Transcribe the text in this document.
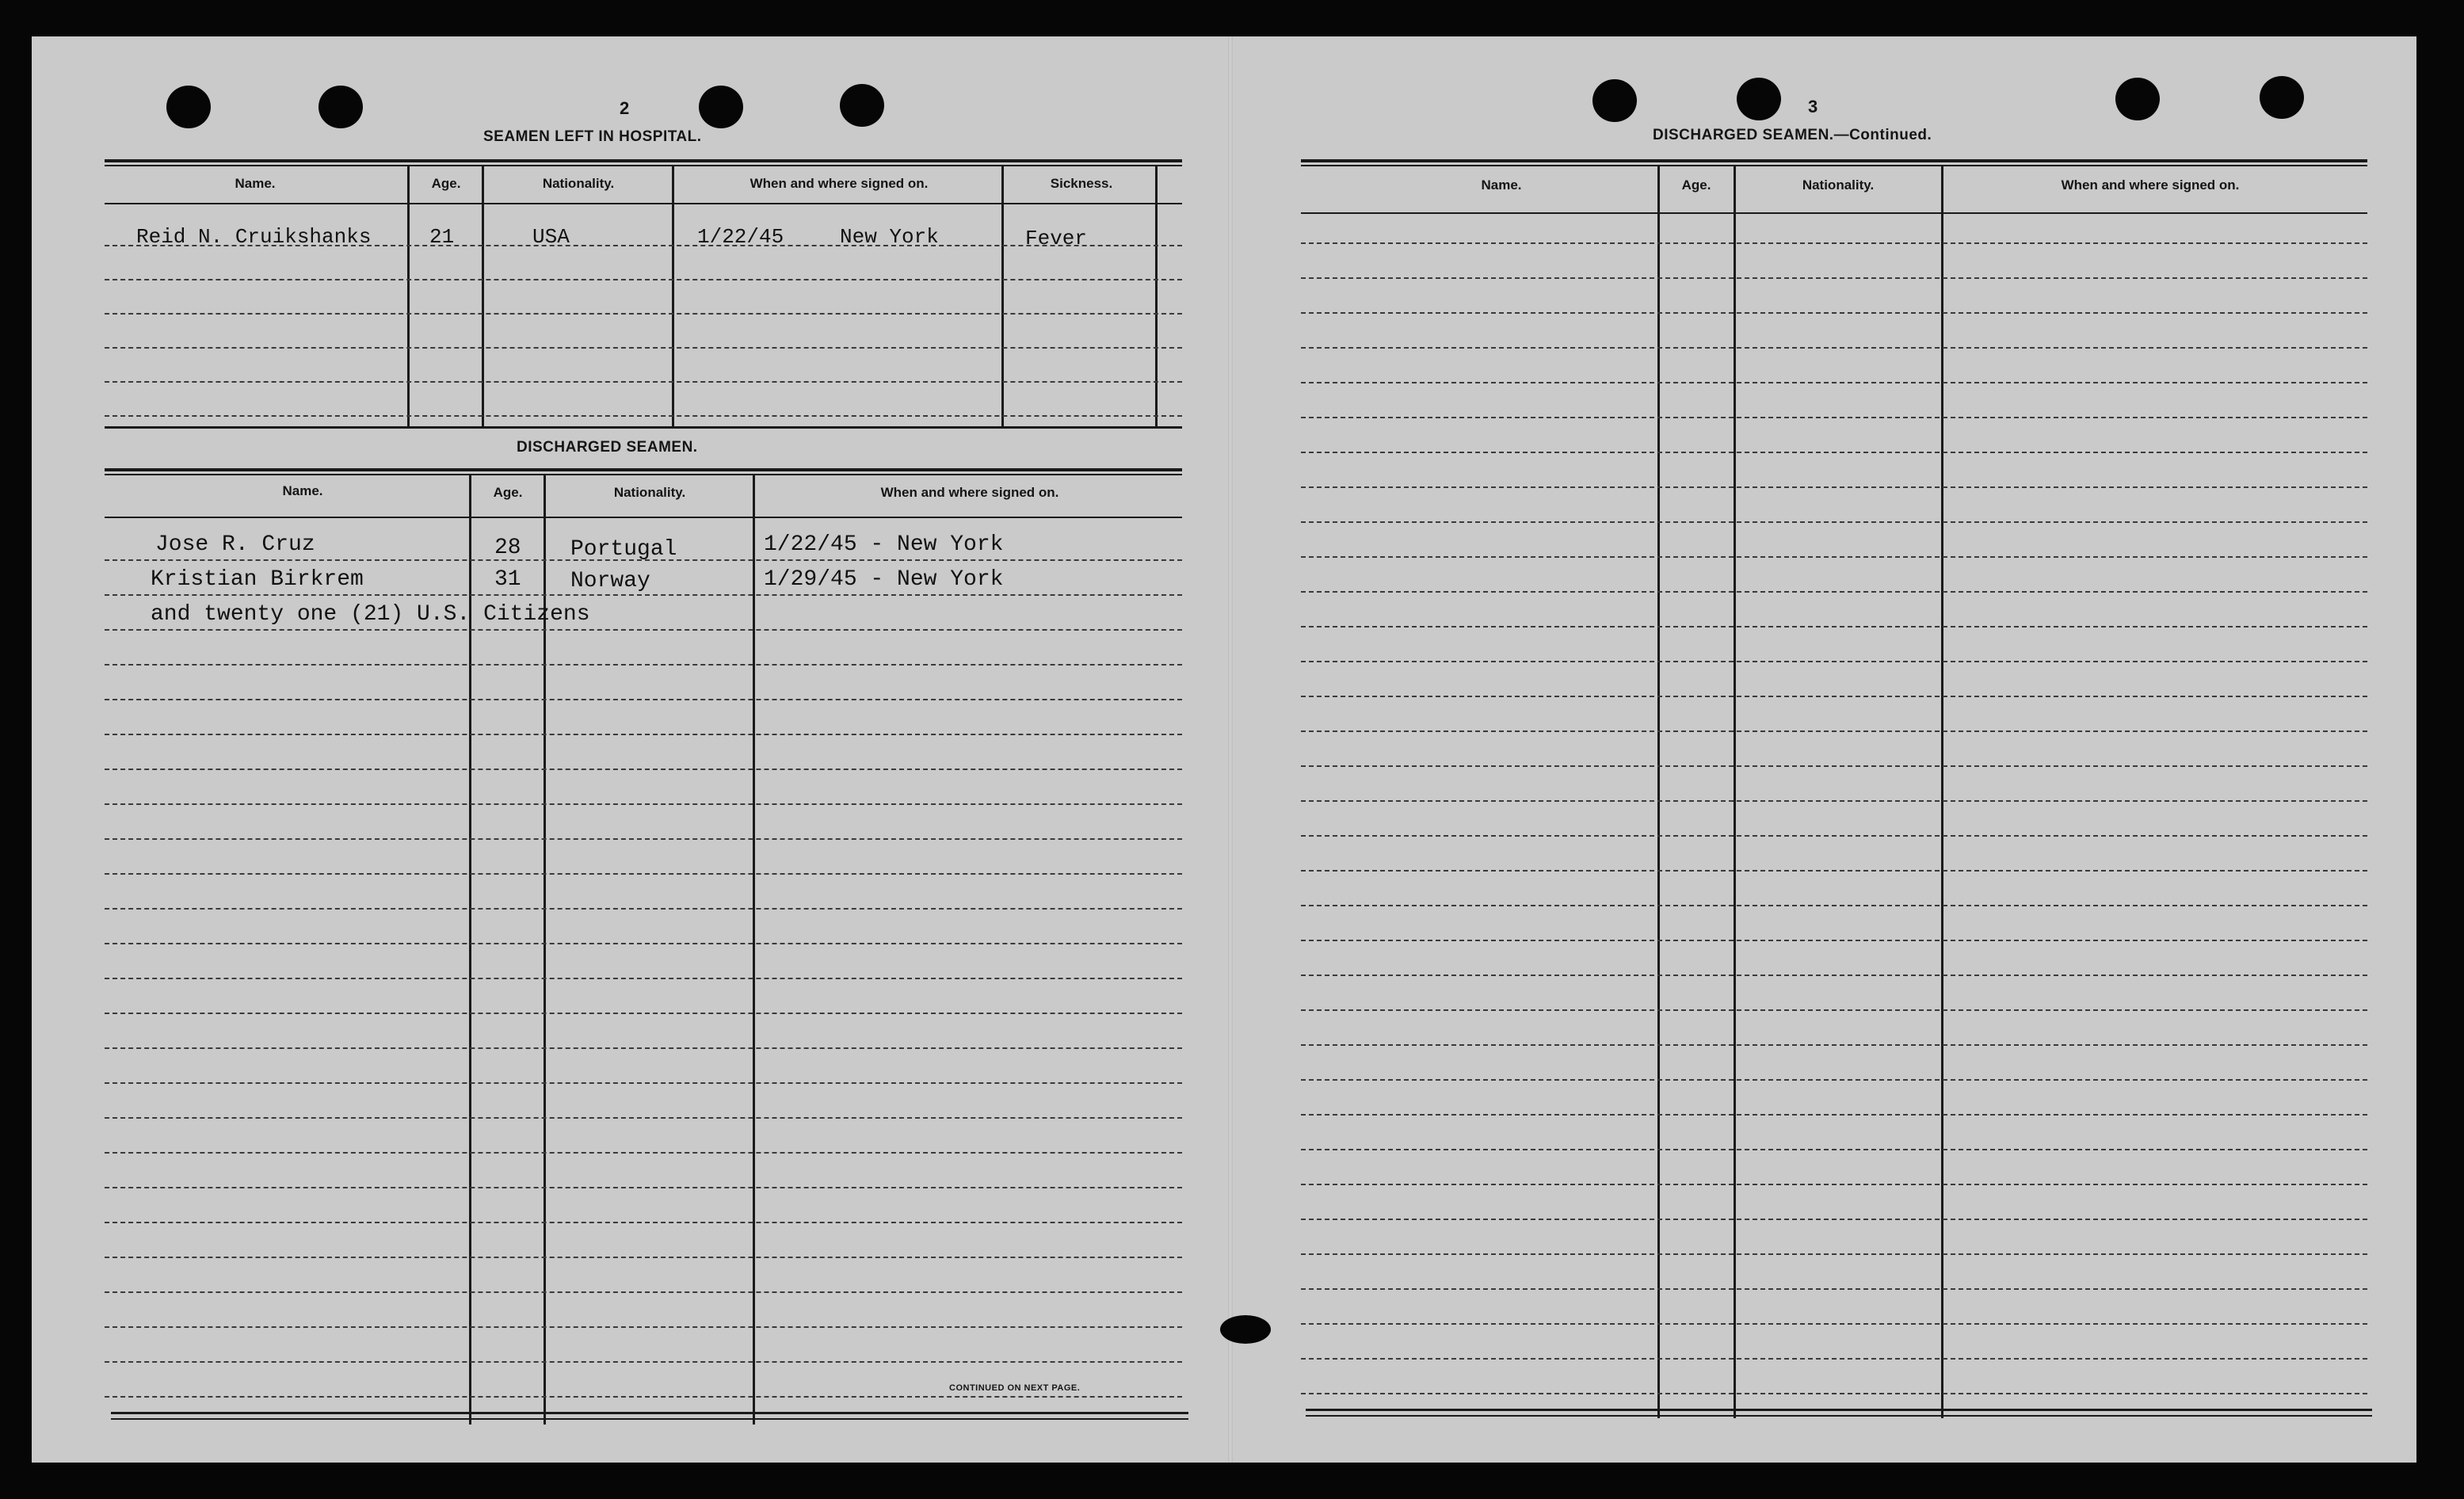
2
SEAMEN LEFT IN HOSPITAL.
Name.	Age.	Nationality.	When and where signed on.	Sickness.
Reid N. Cruikshanks	21	USA	1/22/45	New York	Fever
DISCHARGED SEAMEN.
Name.	Age.	Nationality.	When and where signed on.
Jose R. Cruz	28 Portugal	1/22/45 - New York
Kristian Birkrem	31 Norway	1/29/45 - New York
and twenty one (21) U.S. Citizens
CONTINUED ON NEXT PAGE.
3
DISCHARGED SEAMEN.—Continued.
Name.	Age.	Nationality.	When and where signed on.
